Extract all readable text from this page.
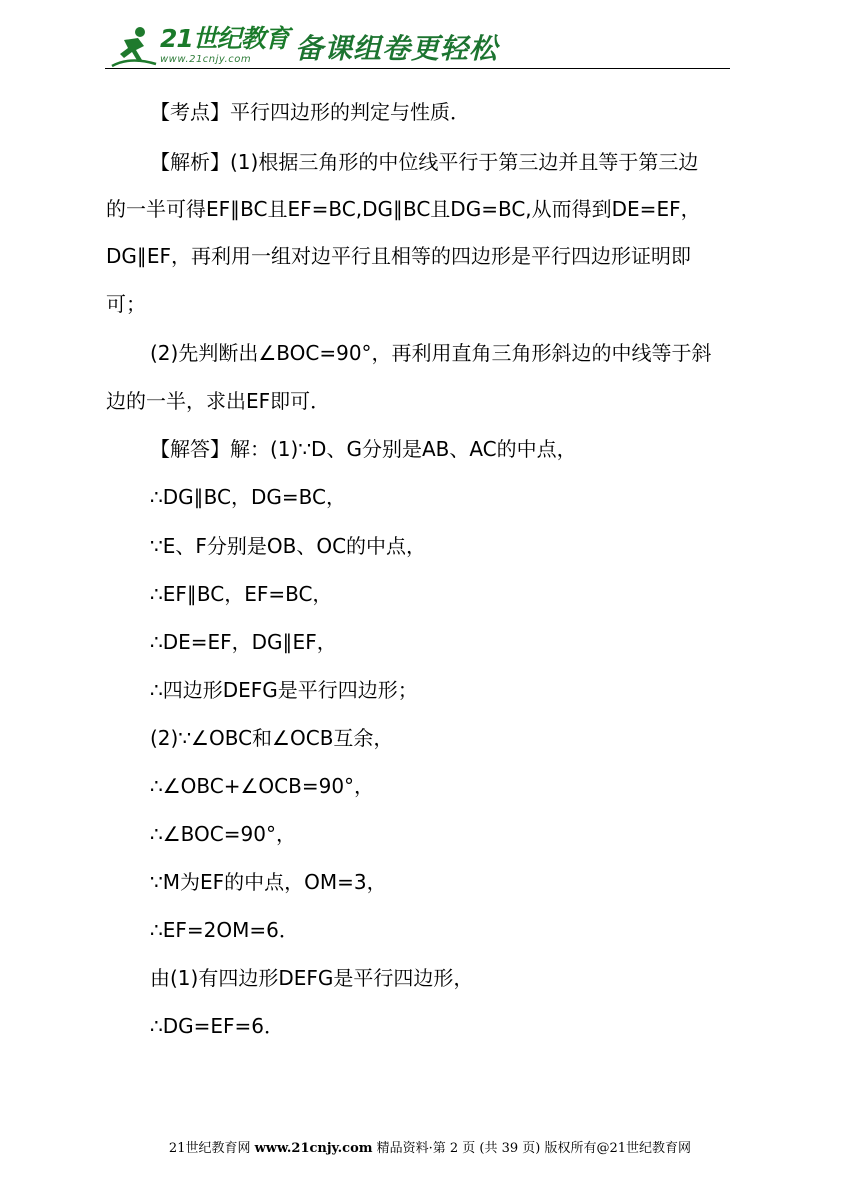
21世纪教育
www.21cnjy.com 备课组卷更轻松
【考点】平行四边形的判定与性质．
【解析】(1)根据三角形的中位线平行于第三边并且等于第三边
的一半可得EF∥BC且EF=BC,DG∥BC且DG=BC,从而得到DE=EF，
DG∥EF，再利用一组对边平行且相等的四边形是平行四边形证明即
可；
(2)先判断出∠BOC=90°，再利用直角三角形斜边的中线等于斜
边的一半，求出EF即可．
【解答】解：(1)∵D、G分别是AB、AC的中点，
∴DG∥BC，DG=BC，
∵E、F分别是OB、OC的中点，
∴EF∥BC，EF=BC，
∴DE=EF，DG∥EF，
∴四边形DEFG是平行四边形；
(2)∵∠OBC和∠OCB互余，
∴∠OBC+∠OCB=90°，
∴∠BOC=90°，
∵M为EF的中点，OM=3，
∴EF=2OM=6．
由(1)有四边形DEFG是平行四边形，
∴DG=EF=6．
21世纪教育网 www.21cnjy.com 精品资料·第 2 页 (共 39 页) 版权所有@21世纪教育网
